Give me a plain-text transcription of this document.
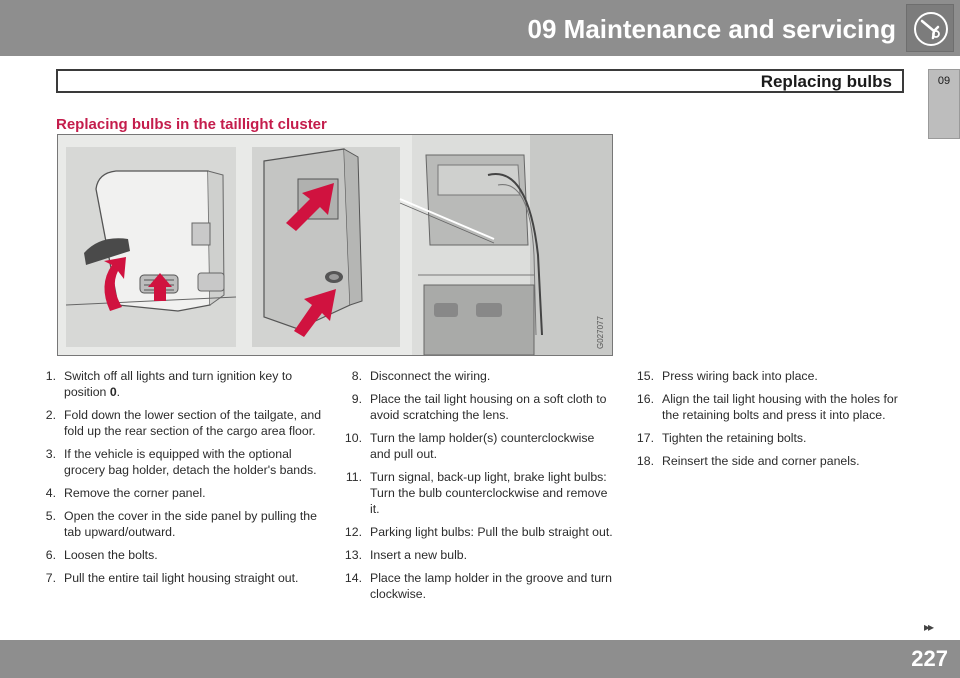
09 Maintenance and servicing
Replacing bulbs	09
Replacing bulbs in the taillight cluster
G027077
1. Switch off all lights and turn ignition key to position 0.
2. Fold down the lower section of the tailgate, and fold up the rear section of the cargo area floor.
3. If the vehicle is equipped with the optional grocery bag holder, detach the holder's bands.
4. Remove the corner panel.
5. Open the cover in the side panel by pulling the tab upward/outward.
6. Loosen the bolts.
7. Pull the entire tail light housing straight out.
8. Disconnect the wiring.
9. Place the tail light housing on a soft cloth to avoid scratching the lens.
10. Turn the lamp holder(s) counterclockwise and pull out.
11. Turn signal, back-up light, brake light bulbs: Turn the bulb counterclockwise and remove it.
12. Parking light bulbs: Pull the bulb straight out.
13. Insert a new bulb.
14. Place the lamp holder in the groove and turn clockwise.
15. Press wiring back into place.
16. Align the tail light housing with the holes for the retaining bolts and press it into place.
17. Tighten the retaining bolts.
18. Reinsert the side and corner panels.
▸▸
227
